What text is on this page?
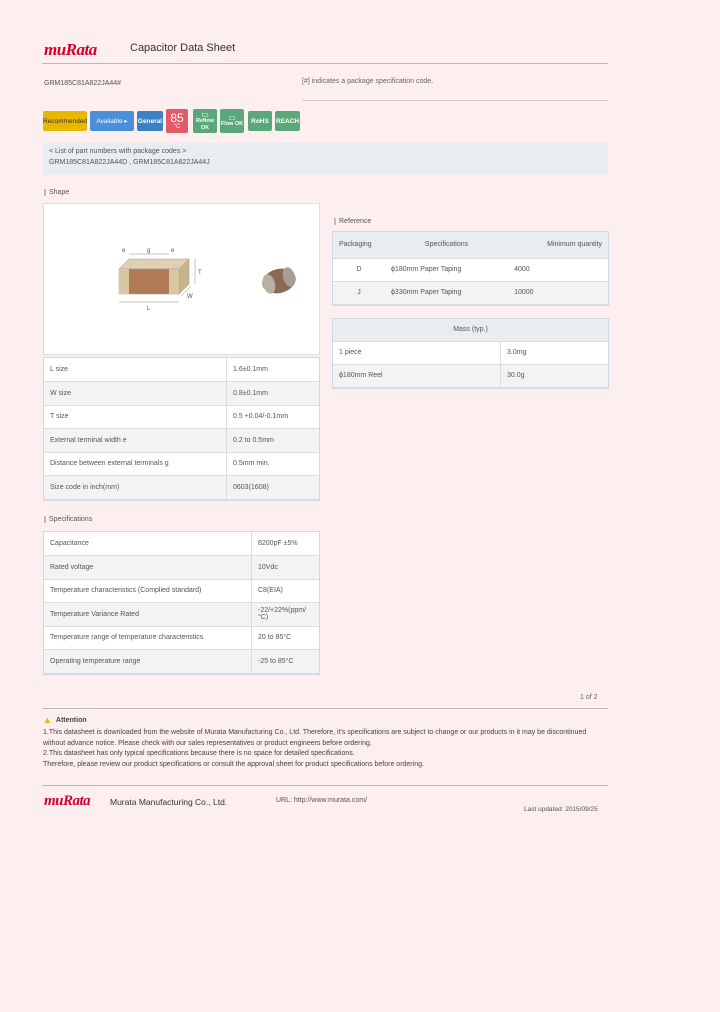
muRata	Capacitor Data Sheet
GRM185C81A822JA44#	[#] indicates a package specification code.
Recommended Available
▸ General 85
°C
▭
Reflow OK
▭
Flow OK	RoHS	REACH
< List of part numbers with package codes >
GRM185C81A822JA44D , GRM185C81A822JA44J
Shape
e	g	e
T
L
W
L size	1.6±0.1mm
W size	0.8±0.1mm
T size	0.5 +0.04/-0.1mm
External terminal width e	0.2 to 0.5mm
Distance between external terminals g	0.5mm min.
Size code in inch(mm)	0603(1608)
Reference
Packaging	Specifications	Minimum quantity
D	ϕ180mm Paper Taping	4000
J	ϕ330mm Paper Taping	10000
Mass (typ.)	
1 piece	3.0mg
ϕ180mm Reel	30.0g
Specifications
Capacitance	8200pF ±5%
Rated voltage	10Vdc
Temperature characteristics (Complied standard)	C8(EIA)
Temperature Variance Rated	-22/+22%(ppm/°C)
Temperature range of temperature characteristics	20 to 85°C
Operating temperature range	-25 to 85°C
1 of 2
▲ Attention
1.This datasheet is downloaded from the website of Murata Manufacturing Co., Ltd. Therefore, it's specifications are subject to change or our products in it may be discontinued
without advance notice. Please check with our sales representatives or product engineers before ordering.
2.This datasheet has only typical specifications because there is no space for detailed specifications.
Therefore, please review our product specifications or consult the approval sheet for product specifications before ordering.
muRata Murata Manufacturing Co., Ltd.	URL: http://www.murata.com/
Last updated: 2015/09/25
